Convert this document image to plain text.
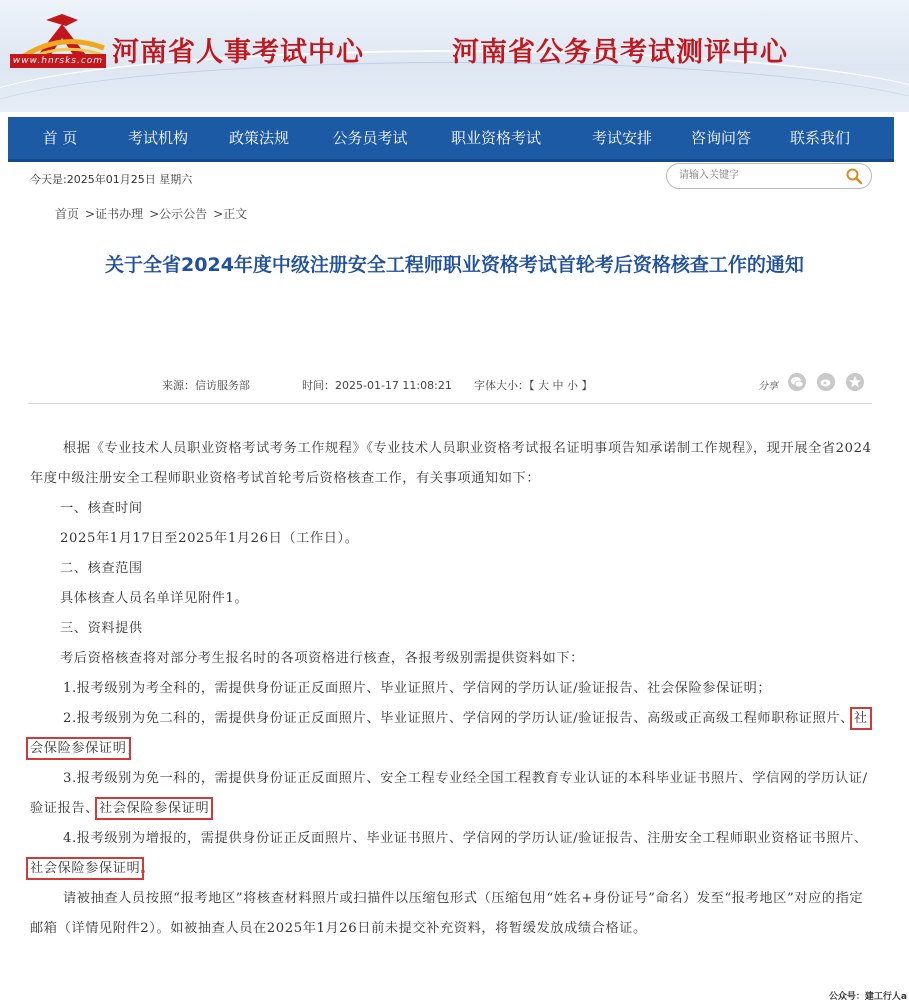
www.hnrsks.com 河南省人事考试中心	河南省公务员考试测评中心
首 页	考试机构	政策法规	公务员考试	职业资格考试	考试安排	咨询问答	联系我们
今天是:2025年01月25日 星期六
请输入关键字
首页 >证书办理 >公示公告 >正文
关于全省2024年度中级注册安全工程师职业资格考试首轮考后资格核查工作的通知
来源：信访服务部	时间：2025-01-17 11:08:21 字体大小：【 大 中 小 】	分享

根据《专业技术人员职业资格考试考务工作规程》《专业技术人员职业资格考试报名证明事项告知承诺制工作规程》，现开展全省2024年度中级注册安全工程师职业资格考试首轮考后资格核查工作，有关事项通知如下：

一、核查时间

2025年1月17日至2025年1月26日（工作日）。

二、核查范围

具体核查人员名单详见附件1。

三、资料提供

考后资格核查将对部分考生报名时的各项资格进行核查，各报考级别需提供资料如下：

1.报考级别为考全科的，需提供身份证正反面照片、毕业证照片、学信网的学历认证/验证报告、社会保险参保证明；

2.报考级别为免二科的，需提供身份证正反面照片、毕业证照片、学信网的学历认证/验证报告、高级或正高级工程师职称证照片、社会保险参保证明；

3.报考级别为免一科的，需提供身份证正反面照片、安全工程专业经全国工程教育专业认证的本科毕业证书照片、学信网的学历认证/验证报告、社会保险参保证明；

4.报考级别为增报的，需提供身份证正反面照片、毕业证书照片、学信网的学历认证/验证报告、注册安全工程师职业资格证书照片、社会保险参保证明。

请被抽查人员按照“报考地区”将核查材料照片或扫描件以压缩包形式（压缩包用“姓名+身份证号”命名）发至“报考地区”对应的指定邮箱（详情见附件2）。如被抽查人员在2025年1月26日前未提交补充资料，将暂缓发放成绩合格证。

公众号：建工行人a
